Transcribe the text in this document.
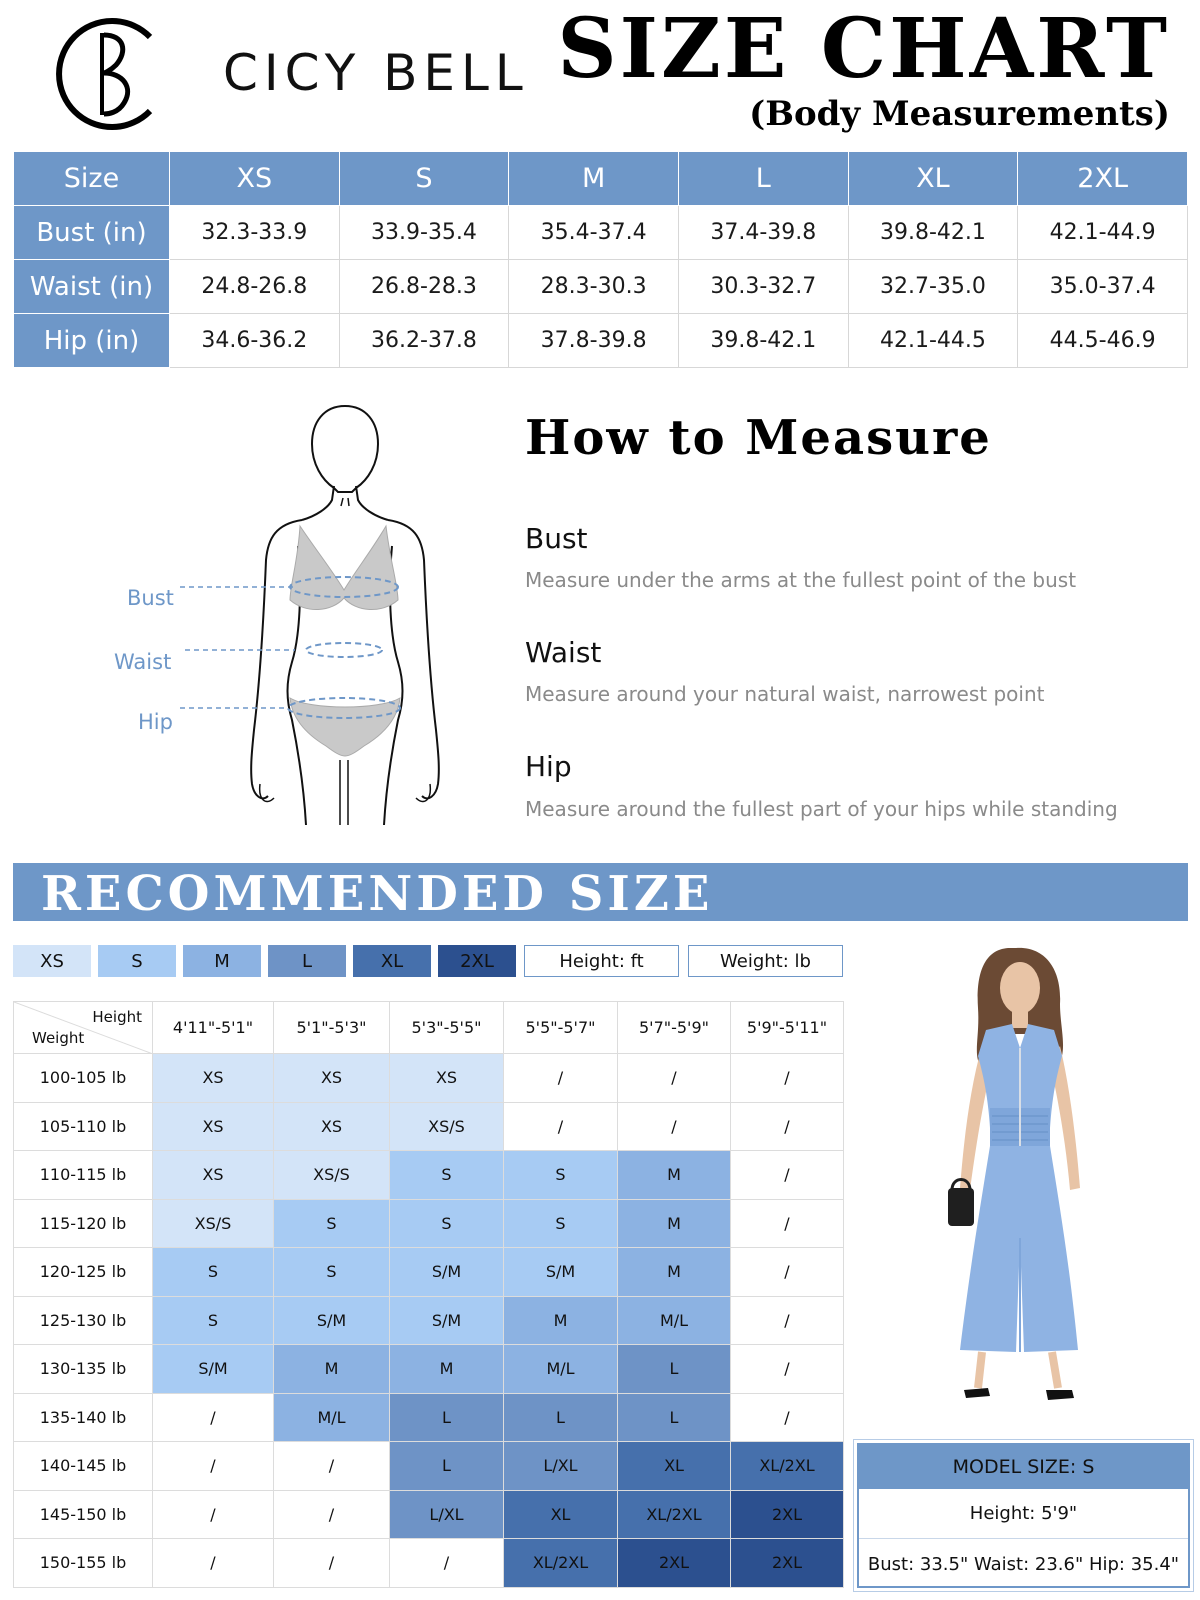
CICY BELL SIZE CHART
(Body Measurements)
Size	XS	S	M	L	XL	2XL
Bust (in)	32.3-33.9	33.9-35.4	35.4-37.4	37.4-39.8	39.8-42.1	42.1-44.9
Waist (in)	24.8-26.8	26.8-28.3	28.3-30.3	30.3-32.7	32.7-35.0	35.0-37.4
Hip (in)	34.6-36.2	36.2-37.8	37.8-39.8	39.8-42.1	42.1-44.5	44.5-46.9
Bust
Waist
Hip
How to Measure
Bust
Measure under the arms at the fullest point of the bust
Waist
Measure around your natural waist, narrowest point
Hip
Measure around the fullest part of your hips while standing
RECOMMENDED SIZE
XS	S	M	L	XL	2XL	Height: ft	Weight: lb
Height
Weight	4'11"-5'1"	5'1"-5'3"	5'3"-5'5"	5'5"-5'7"	5'7"-5'9"	5'9"-5'11"
100-105 lb	XS	XS	XS	/	/	/
105-110 lb	XS	XS	XS/S	/	/	/
110-115 lb	XS	XS/S	S	S	M	/
115-120 lb	XS/S	S	S	S	M	/
120-125 lb	S	S	S/M	S/M	M	/
125-130 lb	S	S/M	S/M	M	M/L	/
130-135 lb	S/M	M	M	M/L	L	/
135-140 lb	/	M/L	L	L	L	/
140-145 lb	/	/	L	L/XL	XL	XL/2XL
145-150 lb	/	/	L/XL	XL	XL/2XL	2XL
150-155 lb	/	/	/	XL/2XL	2XL	2XL
MODEL SIZE: S
Height: 5'9"
Bust: 33.5" Waist: 23.6" Hip: 35.4"
